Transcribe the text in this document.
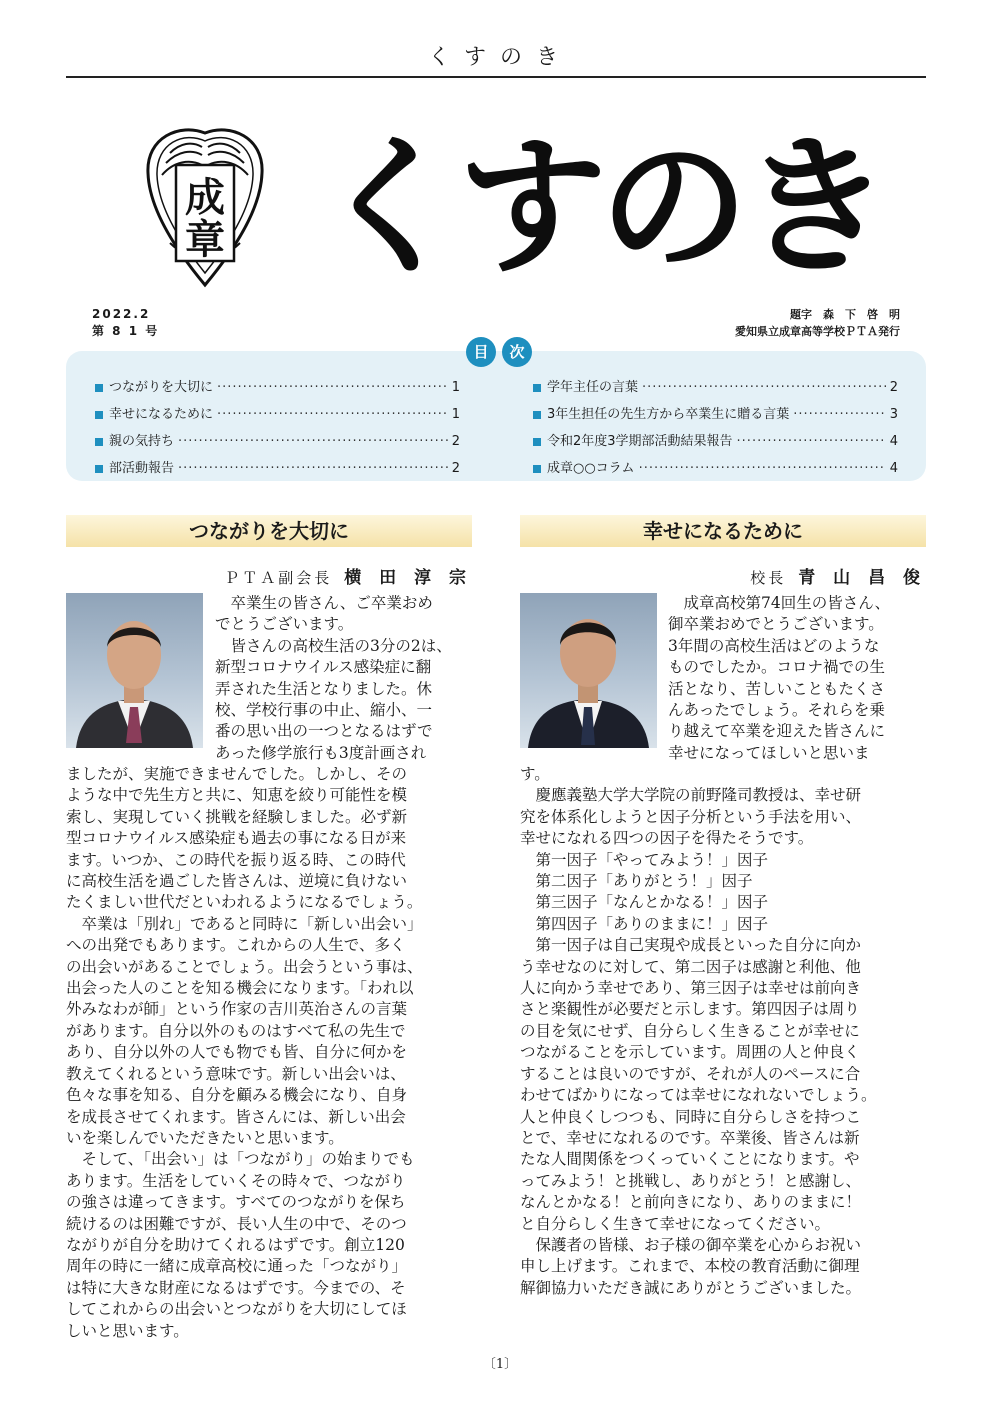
くすのき
成
章 くすのき
2022.2
第 8 1 号
題字　森　下　啓　明
愛知県立成章高等学校ＰＴＡ発行
目	次
つながりを大切に ·····	1
幸せになるために ·····	1
親の気持ち ·····	2
部活動報告 ·····	2
学年主任の言葉 ·····	2
3年生担任の先生方から卒業生に贈る言葉 ·····	3
令和2年度3学期部活動結果報告 ·····	4
成章○○コラム ·····	4
つながりを大切に
ＰＴＡ副会長 横 田 淳 宗

　卒業生の皆さん、ご卒業おめ

でとうございます。

　皆さんの高校生活の3分の2は、

新型コロナウイルス感染症に翻

弄された生活となりました。休

校、学校行事の中止、縮小、一

番の思い出の一つとなるはずで

あった修学旅行も3度計画され

ましたが、実施できませんでした。しかし、その

ような中で先生方と共に、知恵を絞り可能性を模

索し、実現していく挑戦を経験しました。必ず新

型コロナウイルス感染症も過去の事になる日が来

ます。いつか、この時代を振り返る時、この時代

に高校生活を過ごした皆さんは、逆境に負けない

たくましい世代だといわれるようになるでしょう。

　卒業は「別れ」であると同時に「新しい出会い」

への出発でもあります。これからの人生で、多く

の出会いがあることでしょう。出会うという事は、

出会った人のことを知る機会になります。「われ以

外みなわが師」という作家の吉川英治さんの言葉

があります。自分以外のものはすべて私の先生で

あり、自分以外の人でも物でも皆、自分に何かを

教えてくれるという意味です。新しい出会いは、

色々な事を知る、自分を顧みる機会になり、自身

を成長させてくれます。皆さんには、新しい出会

いを楽しんでいただきたいと思います。

　そして、「出会い」は「つながり」の始まりでも

あります。生活をしていくその時々で、つながり

の強さは違ってきます。すべてのつながりを保ち

続けるのは困難ですが、長い人生の中で、そのつ

ながりが自分を助けてくれるはずです。創立120

周年の時に一緒に成章高校に通った「つながり」

は特に大きな財産になるはずです。今までの、そ

してこれからの出会いとつながりを大切にしてほ

しいと思います。

幸せになるために
校長 青 山 昌 俊

　成章高校第74回生の皆さん、

御卒業おめでとうございます。

3年間の高校生活はどのような

ものでしたか。コロナ禍での生

活となり、苦しいこともたくさ

んあったでしょう。それらを乗

り越えて卒業を迎えた皆さんに

幸せになってほしいと思いま

す。

　慶應義塾大学大学院の前野隆司教授は、幸せ研

究を体系化しようと因子分析という手法を用い、

幸せになれる四つの因子を得たそうです。

　第一因子「やってみよう！」因子

　第二因子「ありがとう！」因子

　第三因子「なんとかなる！」因子

　第四因子「ありのままに！」因子

　第一因子は自己実現や成長といった自分に向か

う幸せなのに対して、第二因子は感謝と利他、他

人に向かう幸せであり、第三因子は幸せは前向き

さと楽観性が必要だと示します。第四因子は周り

の目を気にせず、自分らしく生きることが幸せに

つながることを示しています。周囲の人と仲良く

することは良いのですが、それが人のペースに合

わせてばかりになっては幸せになれないでしょう。

人と仲良くしつつも、同時に自分らしさを持つこ

とで、幸せになれるのです。卒業後、皆さんは新

たな人間関係をつくっていくことになります。や

ってみよう！と挑戦し、ありがとう！と感謝し、

なんとかなる！と前向きになり、ありのままに！

と自分らしく生きて幸せになってください。

　保護者の皆様、お子様の御卒業を心からお祝い

申し上げます。これまで、本校の教育活動に御理

解御協力いただき誠にありがとうございました。

〔1〕
